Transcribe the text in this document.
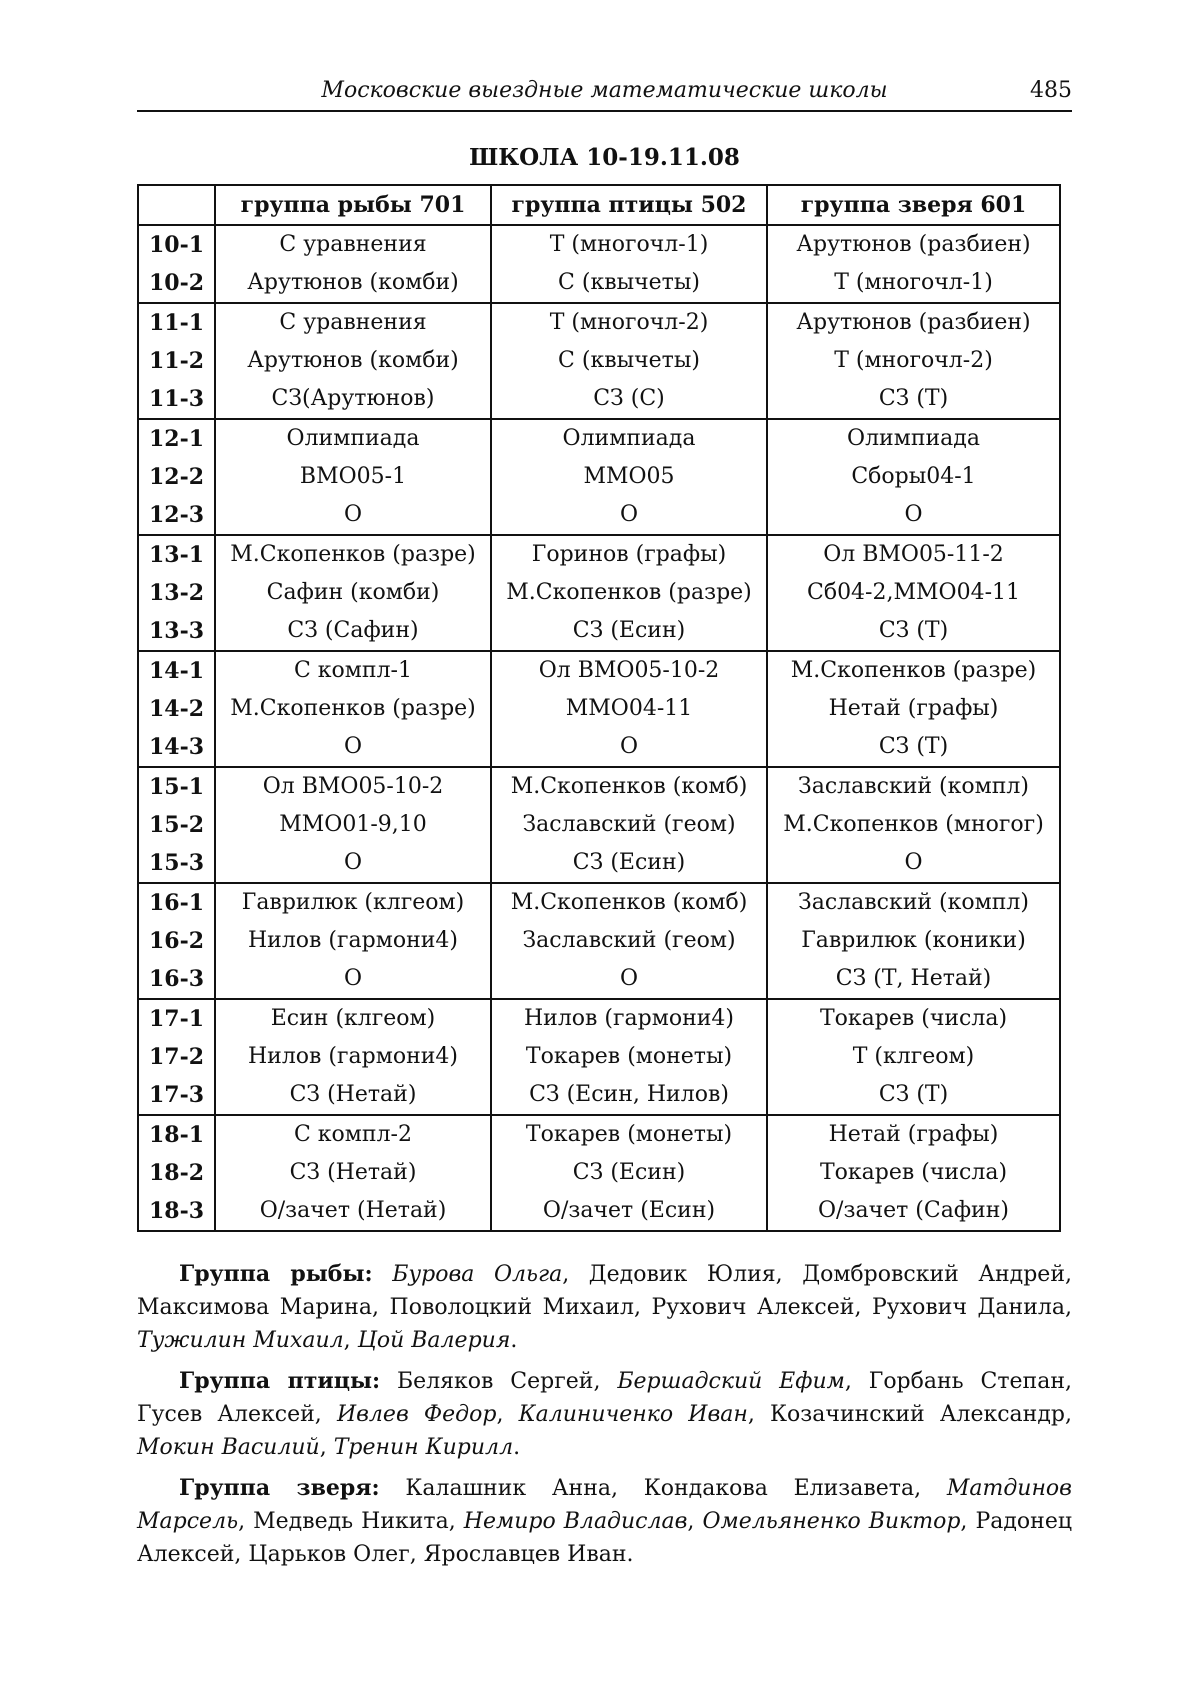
Московские выездные математические школы	485
ШКОЛА 10-19.11.08
	группа рыбы 701	группа птицы 502	группа зверя 601
10-1	С уравнения	Т (многочл-1)	Арутюнов (разбиен)
10-2	Арутюнов (комби)	С (квычеты)	Т (многочл-1)
11-1	С уравнения	Т (многочл-2)	Арутюнов (разбиен)
11-2	Арутюнов (комби)	С (квычеты)	Т (многочл-2)
11-3	СЗ(Арутюнов)	СЗ (С)	СЗ (Т)
12-1	Олимпиада	Олимпиада	Олимпиада
12-2	ВМО05-1	ММО05	Сборы04-1
12-3	О	О	О
13-1	М.Скопенков (разре)	Горинов (графы)	Ол ВМО05-11-2
13-2	Сафин (комби)	М.Скопенков (разре)	Сб04-2,ММО04-11
13-3	СЗ (Сафин)	СЗ (Есин)	СЗ (Т)
14-1	С компл-1	Ол ВМО05-10-2	М.Скопенков (разре)
14-2	М.Скопенков (разре)	ММО04-11	Нетай (графы)
14-3	О	О	СЗ (Т)
15-1	Ол ВМО05-10-2	М.Скопенков (комб)	Заславский (компл)
15-2	ММО01-9,10	Заславский (геом)	М.Скопенков (многог)
15-3	О	СЗ (Есин)	О
16-1	Гаврилюк (клгеом)	М.Скопенков (комб)	Заславский (компл)
16-2	Нилов (гармони4)	Заславский (геом)	Гаврилюк (коники)
16-3	О	О	СЗ (Т, Нетай)
17-1	Есин (клгеом)	Нилов (гармони4)	Токарев (числа)
17-2	Нилов (гармони4)	Токарев (монеты)	Т (клгеом)
17-3	СЗ (Нетай)	СЗ (Есин, Нилов)	СЗ (Т)
18-1	С компл-2	Токарев (монеты)	Нетай (графы)
18-2	СЗ (Нетай)	СЗ (Есин)	Токарев (числа)
18-3	О/зачет (Нетай)	О/зачет (Есин)	О/зачет (Сафин)

Группа рыбы: Бурова Ольга, Дедовик Юлия, Домбровский Андрей, Максимова Марина, Поволоцкий Михаил, Рухович Алексей, Рухович Данила, Тужилин Михаил, Цой Валерия.

Группа птицы: Беляков Сергей, Бершадский Ефим, Горбань Степан, Гусев Алексей, Ивлев Федор, Калиниченко Иван, Козачинский Александр, Мокин Василий, Тренин Кирилл.

Группа зверя: Калашник Анна, Кондакова Елизавета, Матдинов Марсель, Медведь Никита, Немиро Владислав, Омельяненко Виктор, Радонец Алексей, Царьков Олег, Ярославцев Иван.
